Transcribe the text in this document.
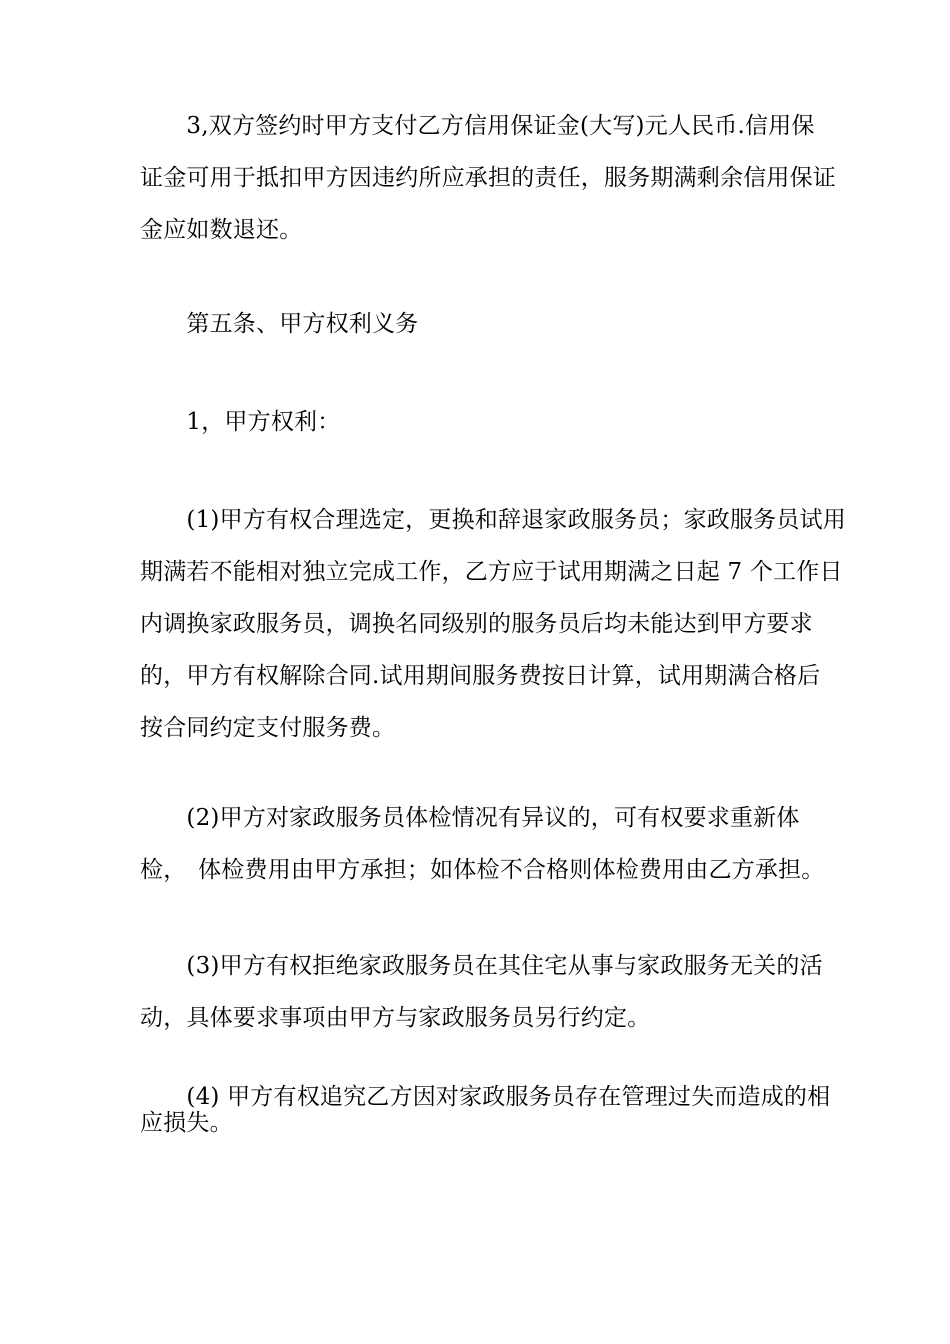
　　3,双方签约时甲方支付乙方信用保证金(大写)元人民币.信用保
证金可用于抵扣甲方因违约所应承担的责任，服务期满剩余信用保证
金应如数退还。

　　第五条、甲方权利义务

　　1，甲方权利：

　　(1)甲方有权合理选定，更换和辞退家政服务员；家政服务员试用
期满若不能相对独立完成工作，乙方应于试用期满之日起 7 个工作日
内调换家政服务员，调换名同级别的服务员后均未能达到甲方要求
的，甲方有权解除合同.试用期间服务费按日计算，试用期满合格后
按合同约定支付服务费。

　　(2)甲方对家政服务员体检情况有异议的，可有权要求重新体
检，　体检费用由甲方承担；如体检不合格则体检费用由乙方承担。

　　(3)甲方有权拒绝家政服务员在其住宅从事与家政服务无关的活
动，具体要求事项由甲方与家政服务员另行约定。

　　(4) 甲方有权追究乙方因对家政服务员存在管理过失而造成的相
应损失。
